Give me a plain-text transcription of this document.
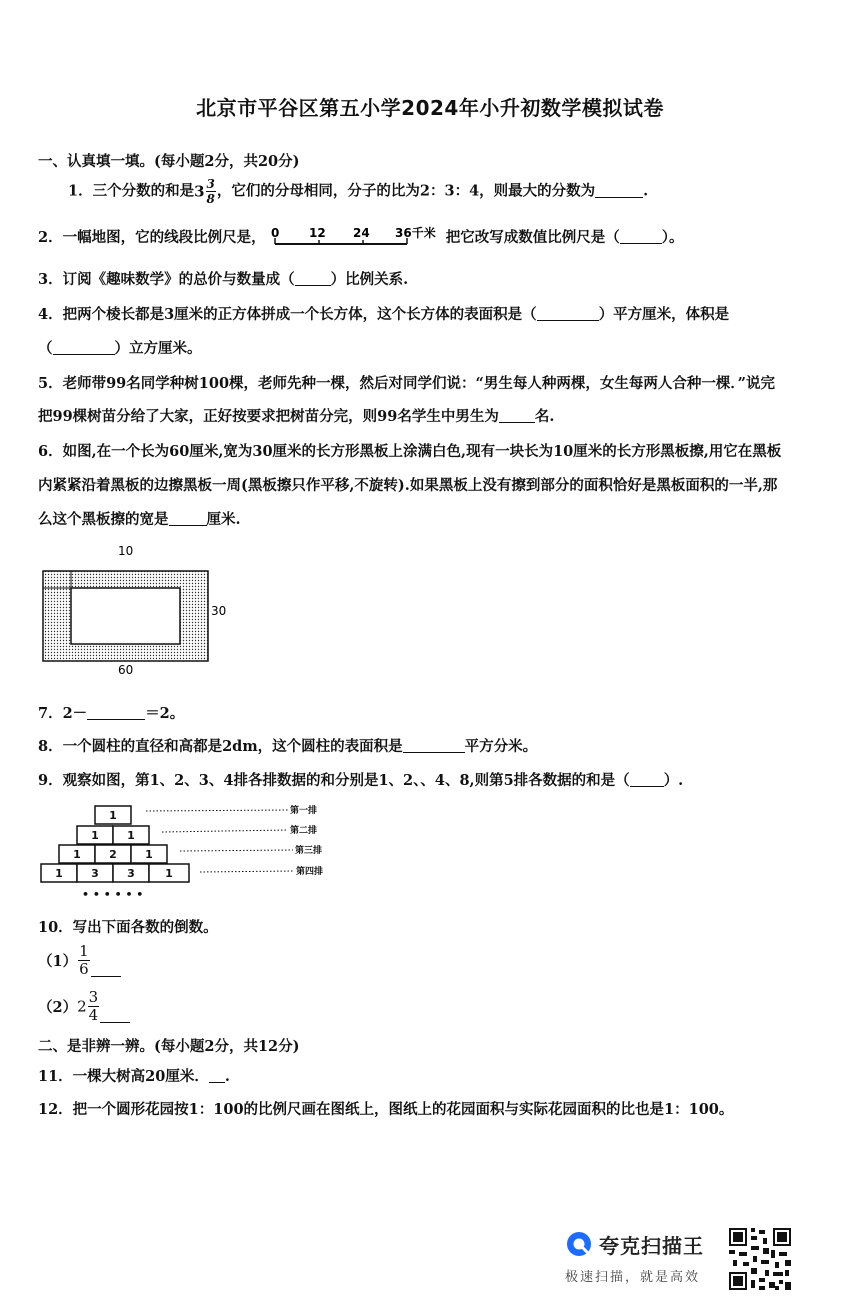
北京市平谷区第五小学2024年小升初数学模拟试卷
一、认真填一填。(每小题2分，共20分)
1．三个分数的和是$3 \frac{3}{8}$ ，它们的分母相同，分子的比为2：3：4，则最大的分数为	.
2．一幅地图，它的线段比例尺是， 0 12 24 36千米 把它改写成数值比例尺是（	）。
3．订阅《趣味数学》的总价与数量成（ ）比例关系.
4．把两个棱长都是3厘米的正方体拼成一个长方体，这个长方体的表面积是（	）平方厘米，体积是
（	）立方厘米。
5．老师带99名同学种树100棵，老师先种一棵，然后对同学们说：“男生每人种两棵，女生每两人合种一棵．”说完
把99棵树苗分给了大家，正好按要求把树苗分完，则99名学生中男生为 名.
6．如图,在一个长为60厘米,宽为30厘米的长方形黑板上涂满白色,现有一块长为10厘米的长方形黑板擦,用它在黑板
内紧紧沿着黑板的边擦黑板一周(黑板擦只作平移,不旋转).如果黑板上没有擦到部分的面积恰好是黑板面积的一半,那
么这个黑板擦的宽是	厘米.
10
30
60
7．2－	＝2。
8．一个圆柱的直径和高都是2dm，这个圆柱的表面积是	平方分米。
9．观察如图，第1、2、3、4排各排数据的和分别是1、2、、4、8,则第5排各数据的和是（ ）.
1
1	1
1	2	1
1	3	3	1
第一排
第二排
第三排
第四排
• • • • • •
10．写出下面各数的倒数。
$(1) \frac{1}{6}$
$(2)2 \frac{3}{4}$
二、是非辨一辨。(每小题2分，共12分)
11．一棵大树高20厘米． .
12．把一个圆形花园按1：100的比例尺画在图纸上，图纸上的花园面积与实际花园面积的比也是1：100。
夸克扫描王
极速扫描，就是高效
